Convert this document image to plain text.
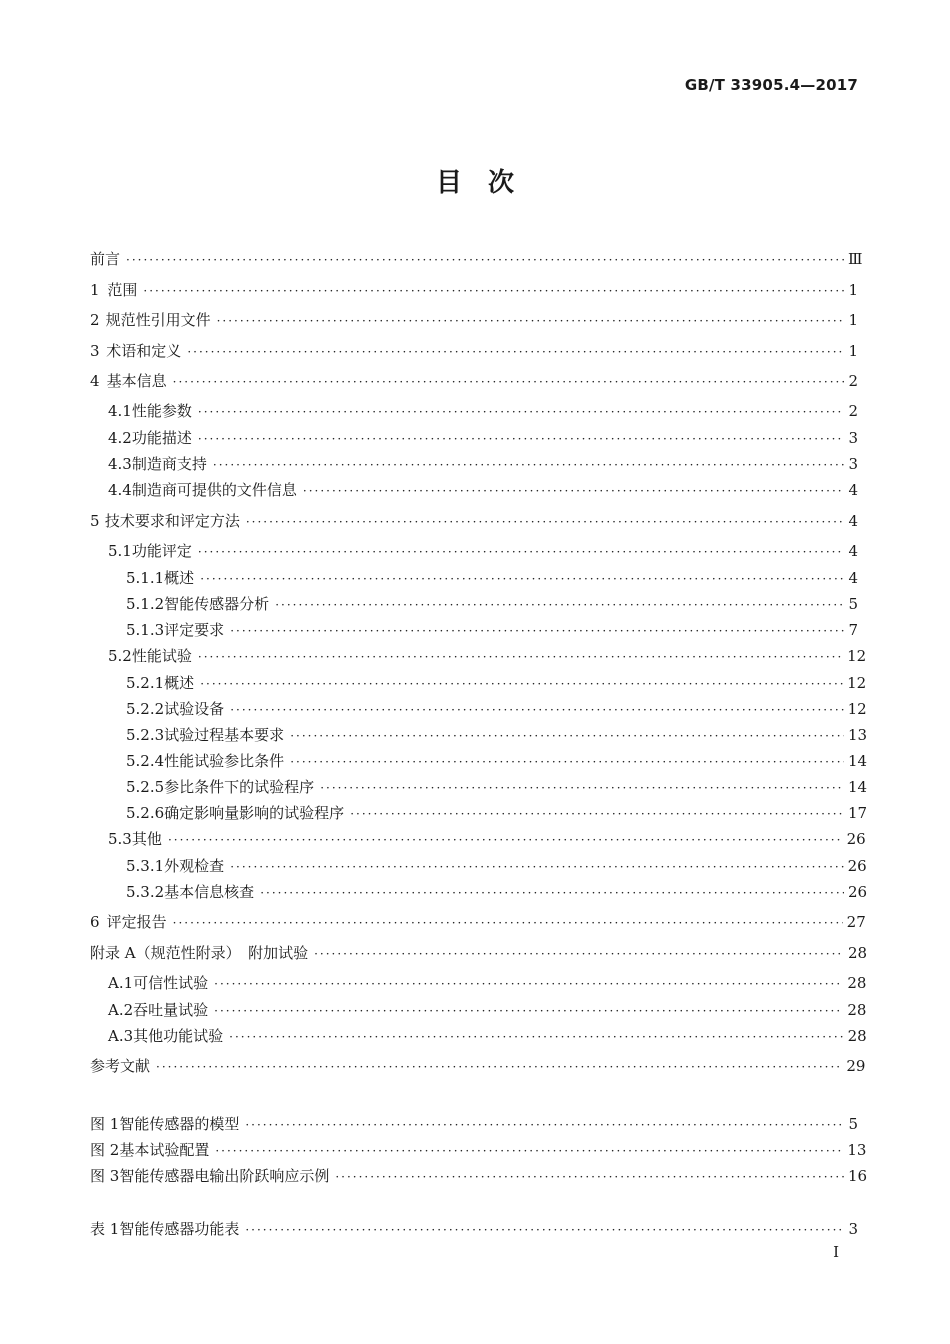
GB/T 33905.4—2017
目　次
前言 ·····	Ⅲ
1 范围 ·····	1
2 规范性引用文件 ·····	1
3 术语和定义 ·····	1
4 基本信息 ·····	2
4.1 性能参数 ·····	2
4.2 功能描述 ·····	3
4.3 制造商支持 ·····	3
4.4 制造商可提供的文件信息 ·····	4
5 技术要求和评定方法 ·····	4
5.1 功能评定 ·····	4
5.1.1 概述 ·····	4
5.1.2 智能传感器分析 ·····	5
5.1.3 评定要求 ·····	7
5.2 性能试验 ·····	12
5.2.1 概述 ·····	12
5.2.2 试验设备 ·····	12
5.2.3 试验过程基本要求 ·····	13
5.2.4 性能试验参比条件 ·····	14
5.2.5 参比条件下的试验程序 ·····	14
5.2.6 确定影响量影响的试验程序 ·····	17
5.3 其他 ·····	26
5.3.1 外观检查 ·····	26
5.3.2 基本信息核查 ·····	26
6 评定报告 ·····	27
附录 A（规范性附录）　附加试验 ·····	28
A.1 可信性试验 ·····	28
A.2 吞吐量试验 ·····	28
A.3 其他功能试验 ·····	28
参考文献 ·····	29
图 1 智能传感器的模型 ·····	5
图 2 基本试验配置 ·····	13
图 3 智能传感器电输出阶跃响应示例 ·····	16
表 1 智能传感器功能表 ·····	3
Ⅰ
